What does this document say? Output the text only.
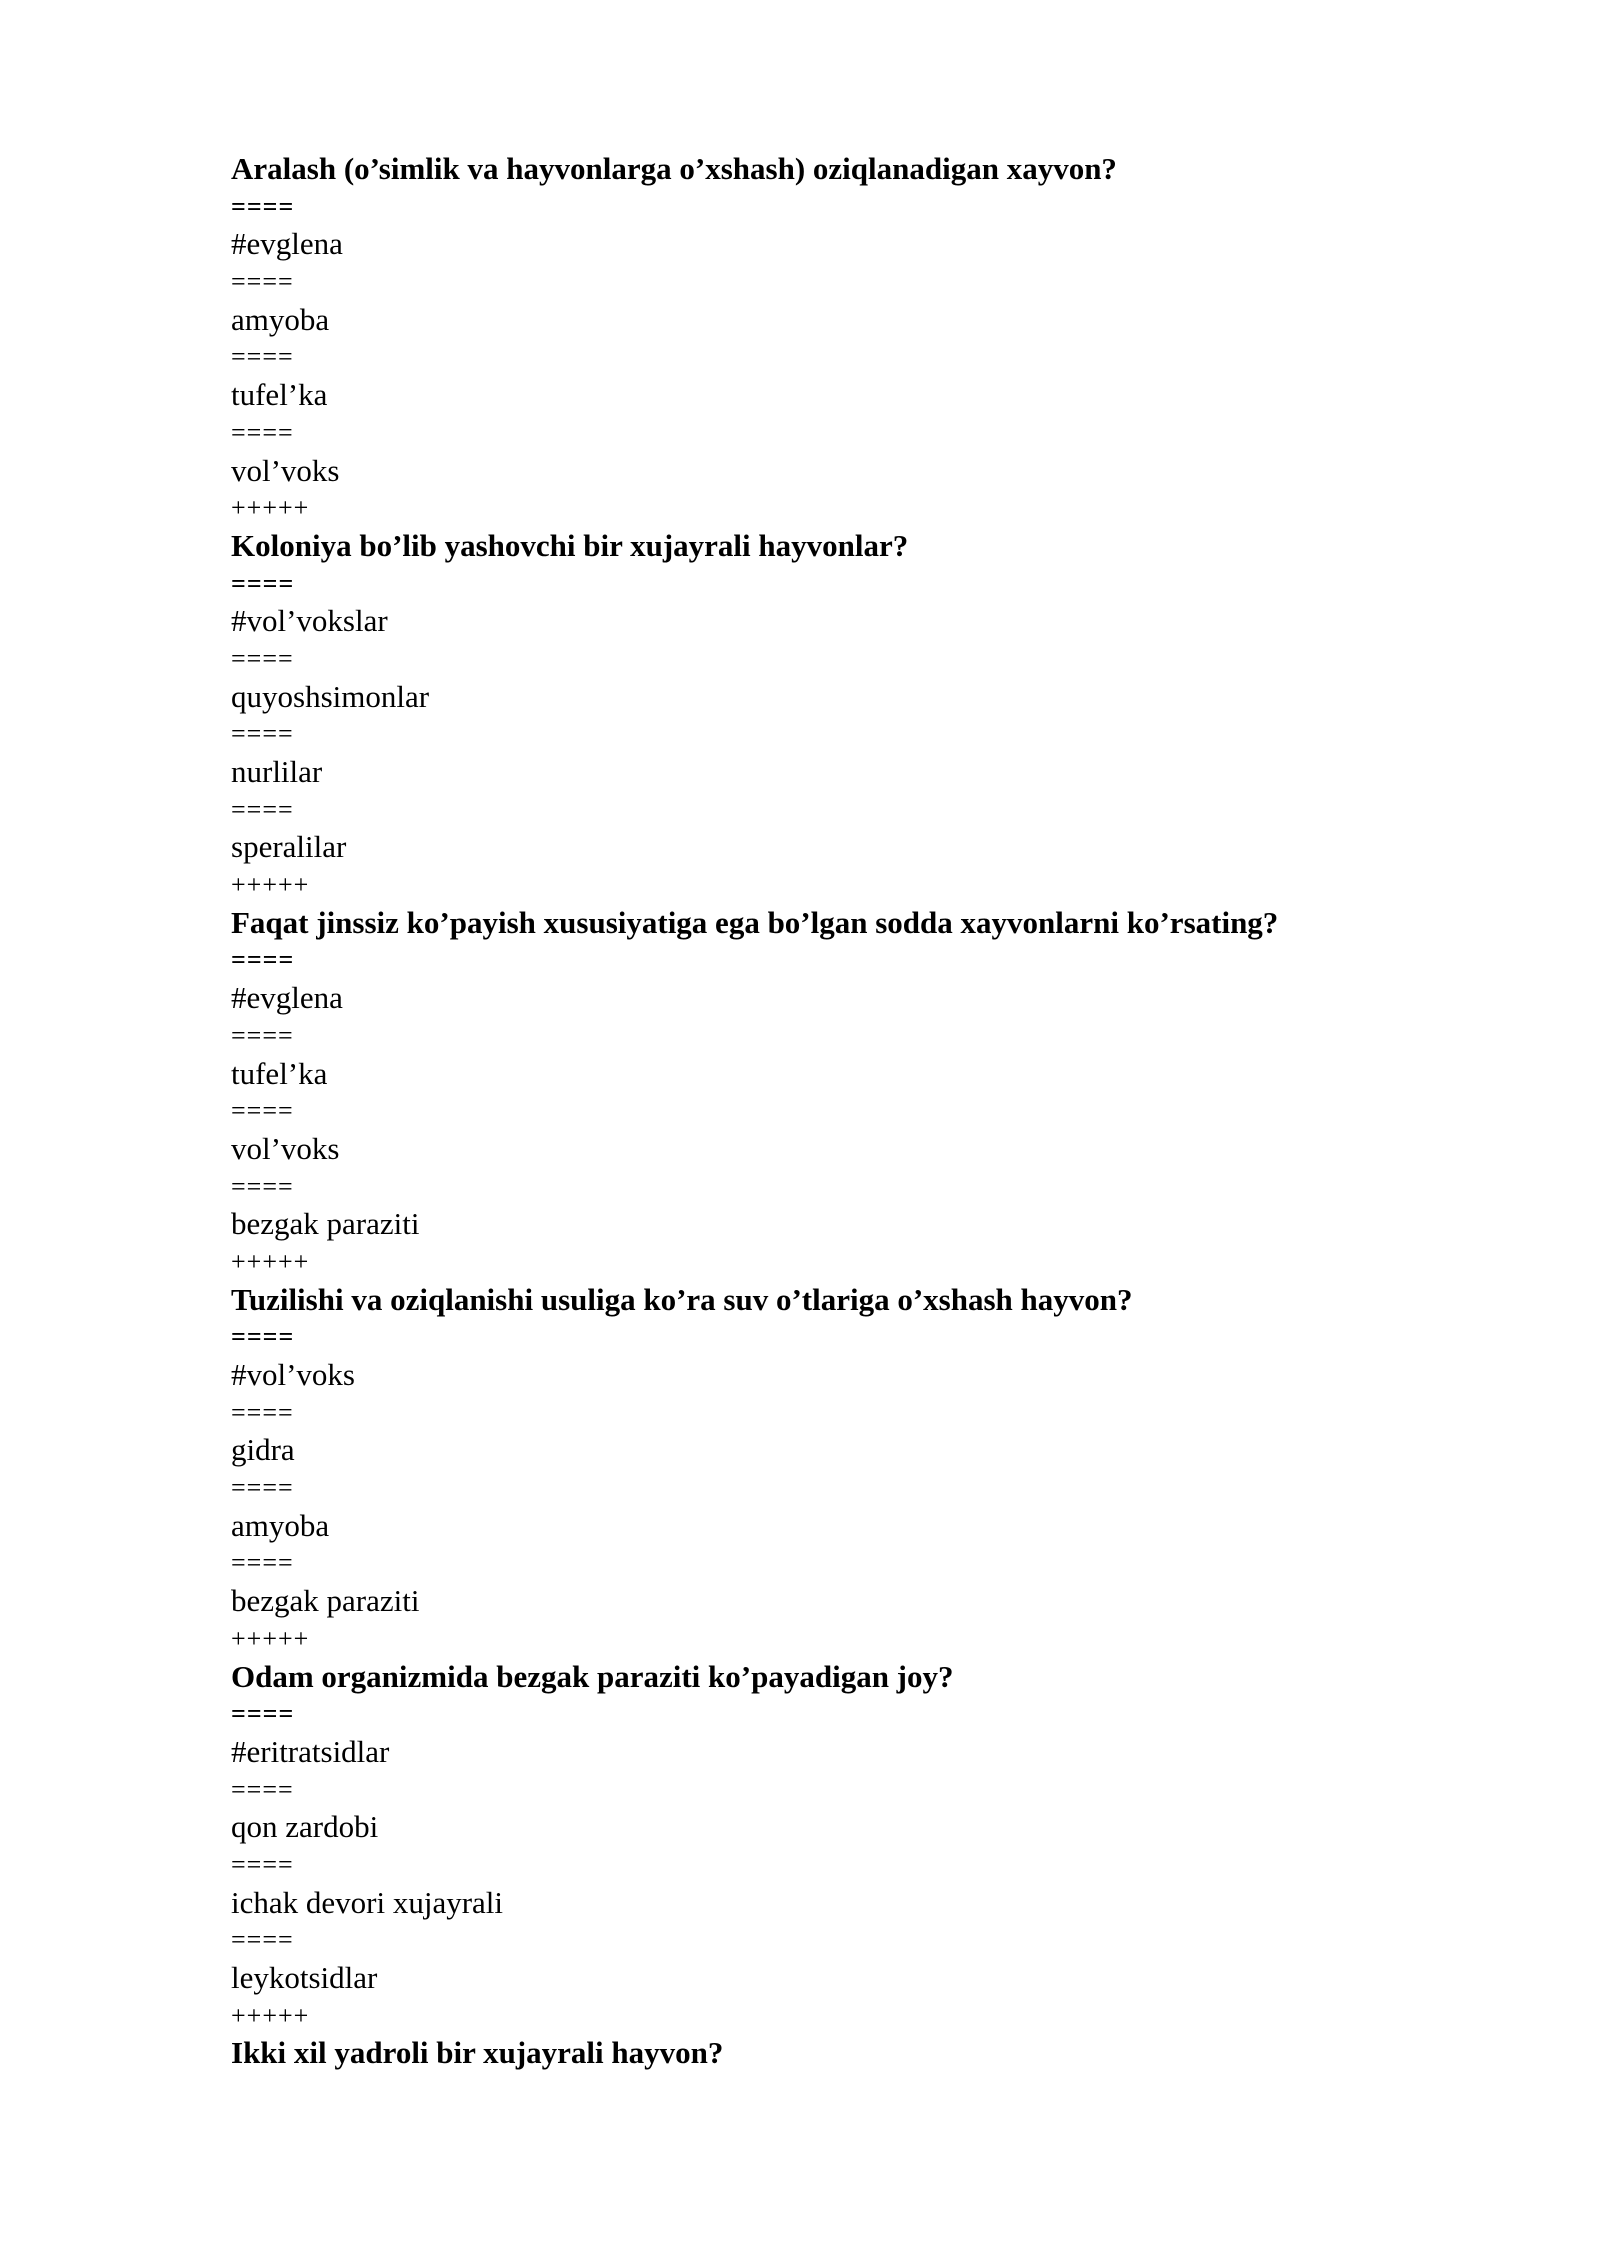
Aralash (o’simlik va hayvonlarga o’xshash) oziqlanadigan xayvon?
====
#evglena
====
amyoba
====
tufel’ka
====
vol’voks
+++++
Koloniya bo’lib yashovchi bir xujayrali hayvonlar?
====
#vol’vokslar
====
quyoshsimonlar
====
nurlilar
====
speralilar
+++++
Faqat jinssiz ko’payish xususiyatiga ega bo’lgan sodda xayvonlarni ko’rsating?
====
#evglena
====
tufel’ka
====
vol’voks
====
bezgak paraziti
+++++
Tuzilishi va oziqlanishi usuliga ko’ra suv o’tlariga o’xshash hayvon?
====
#vol’voks
====
gidra
====
amyoba
====
bezgak paraziti
+++++
Odam organizmida bezgak paraziti ko’payadigan joy?
====
#eritratsidlar
====
qon zardobi
====
ichak devori xujayrali
====
leykotsidlar
+++++
Ikki xil yadroli bir xujayrali hayvon?
